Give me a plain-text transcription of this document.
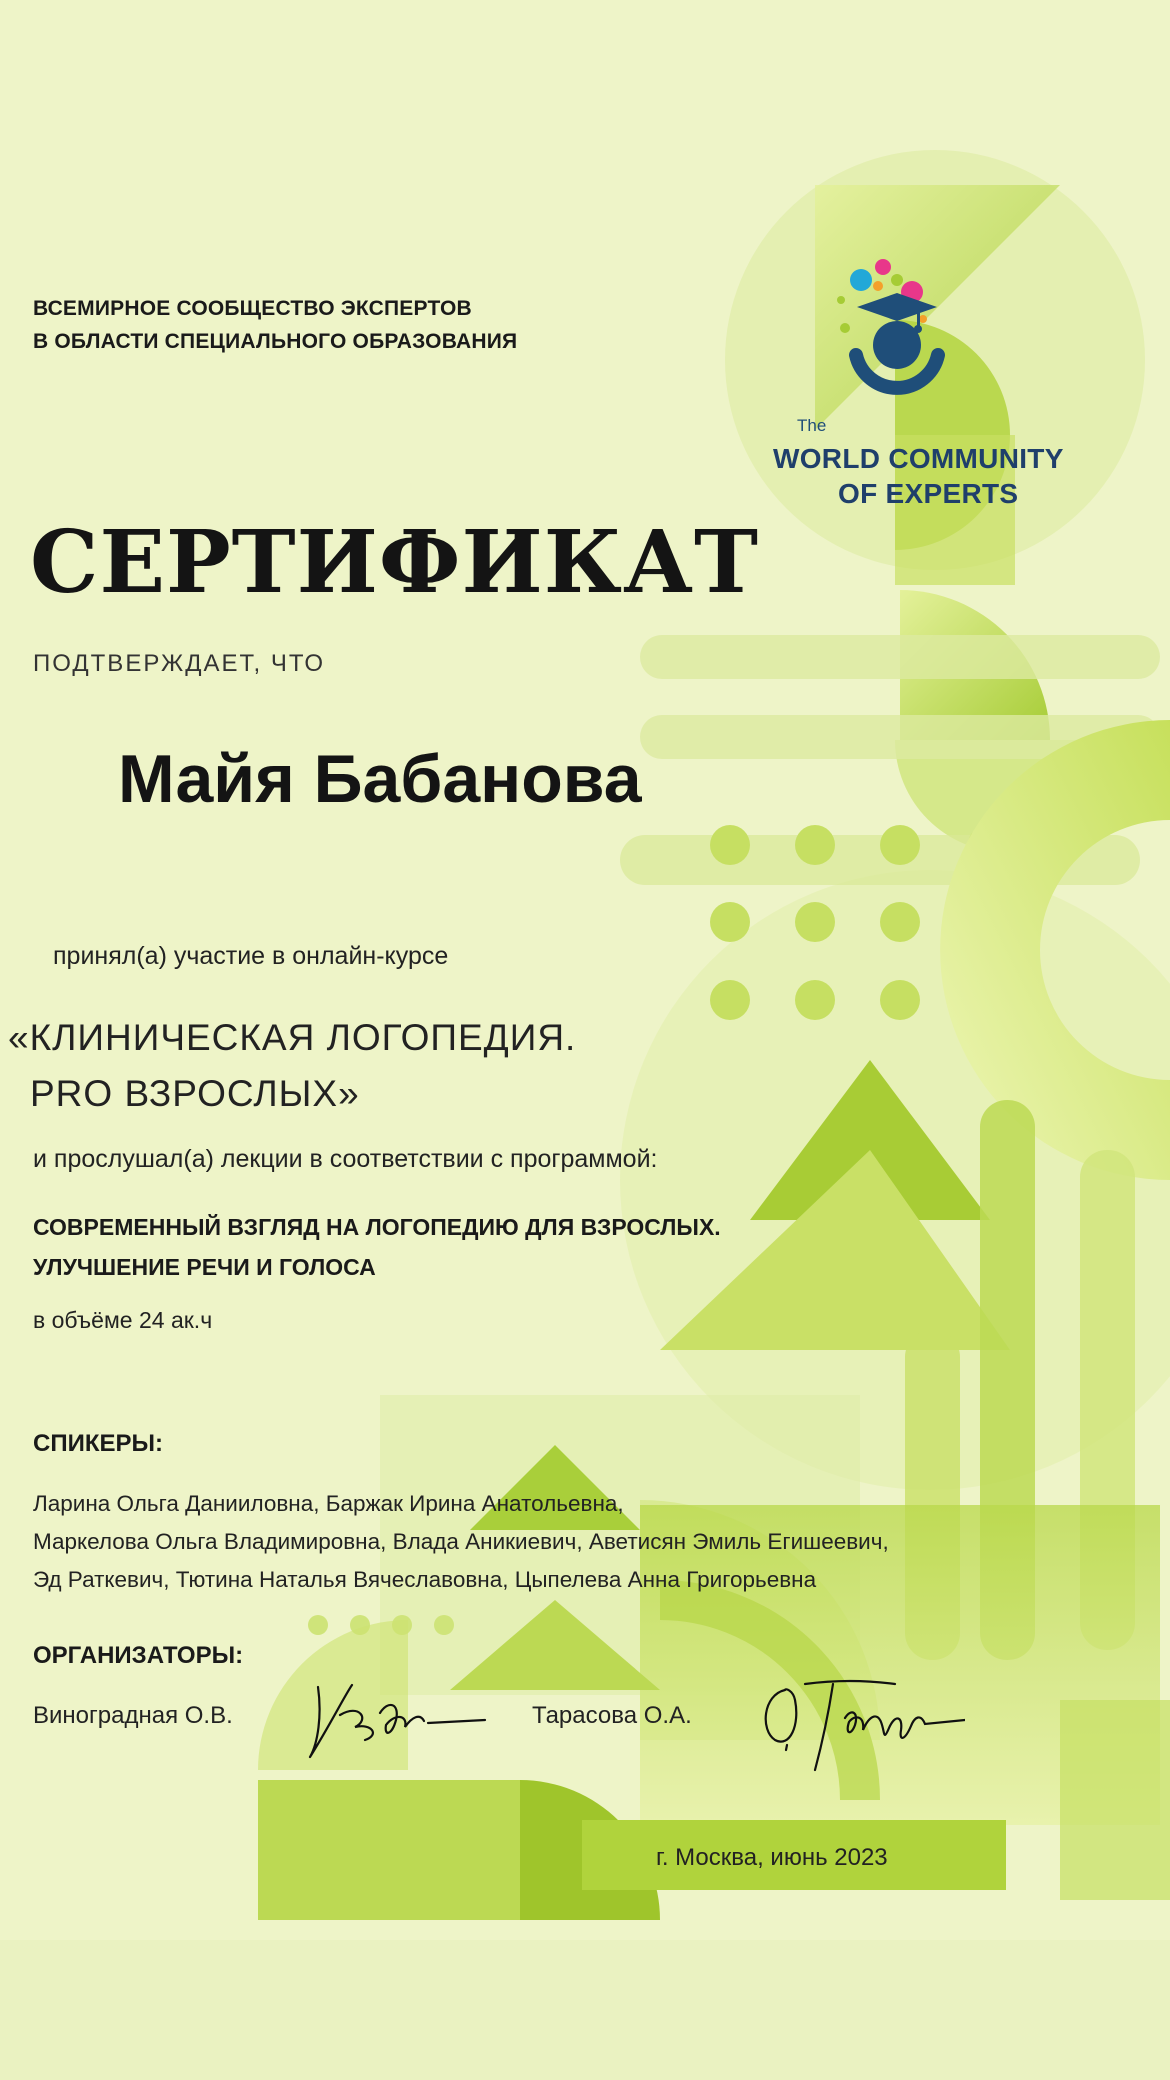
ВСЕМИРНОЕ СООБЩЕСТВО ЭКСПЕРТОВ
В ОБЛАСТИ СПЕЦИАЛЬНОГО ОБРАЗОВАНИЯ
The
WORLD COMMUNITY
OF EXPERTS
СЕРТИФИКАТ
ПОДТВЕРЖДАЕТ, ЧТО
Майя Бабанова
принял(а) участие в онлайн-курсе
«КЛИНИЧЕСКАЯ ЛОГОПЕДИЯ.
PRO ВЗРОСЛЫХ»
и прослушал(а) лекции в соответствии с программой:
СОВРЕМЕННЫЙ ВЗГЛЯД НА ЛОГОПЕДИЮ ДЛЯ ВЗРОСЛЫХ.
УЛУЧШЕНИЕ РЕЧИ И ГОЛОСА
в объёме 24 ак.ч
СПИКЕРЫ:
Ларина Ольга Данииловна, Баржак Ирина Анатольевна,
Маркелова Ольга Владимировна, Влада Аникиевич, Аветисян Эмиль Егишеевич,
Эд Раткевич, Тютина Наталья Вячеславовна, Цыпелева Анна Григорьевна
ОРГАНИЗАТОРЫ:
Виноградная О.В.	Тарасова О.А.
г. Москва, июнь 2023
